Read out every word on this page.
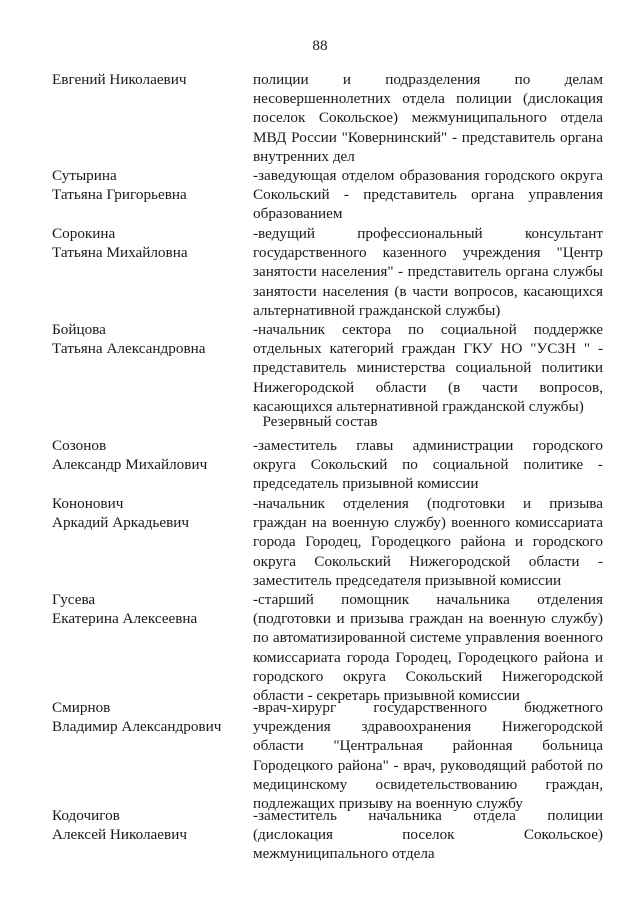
88
Евгений Николаевич	полиции и подразделения по делам несовершеннолетних отдела полиции (дислокация поселок Сокольское) межмуниципального отдела МВД России "Ковернинский" - представитель органа внутренних дел
Сутырина
Татьяна Григорьевна
-заведующая отделом образования городского округа Сокольский - представитель органа управления образованием
Сорокина
Татьяна Михайловна
-ведущий профессиональный консультант государственного казенного учреждения "Центр занятости населения" - представитель органа службы занятости населения (в части вопросов, касающихся альтернативной гражданской службы)
Бойцова
Татьяна Александровна
-начальник сектора по социальной поддержке отдельных категорий граждан ГКУ НО "УСЗН " - представитель министерства социальной политики Нижегородской области (в части вопросов, касающихся альтернативной гражданской службы)
Резервный состав
Созонов
Александр Михайлович
-заместитель главы администрации городского округа Сокольский по социальной политике - председатель призывной комиссии
Кононович
Аркадий Аркадьевич
-начальник отделения (подготовки и призыва граждан на военную службу) военного комиссариата города Городец, Городецкого района и городского округа Сокольский Нижегородской области - заместитель председателя призывной комиссии
Гусева
Екатерина Алексеевна
-старший помощник начальника отделения (подготовки и призыва граждан на военную службу) по автоматизированной системе управления военного комиссариата города Городец, Городецкого района и городского округа Сокольский Нижегородской области - секретарь призывной комиссии
Смирнов
Владимир Александрович
-врач-хирург государственного бюджетного учреждения здравоохранения Нижегородской области "Центральная районная больница Городецкого района" - врач, руководящий работой по медицинскому освидетельствованию граждан, подлежащих призыву на военную службу
Кодочигов
Алексей Николаевич
-заместитель начальника отдела полиции (дислокация поселок Сокольское) межмуниципального отдела
